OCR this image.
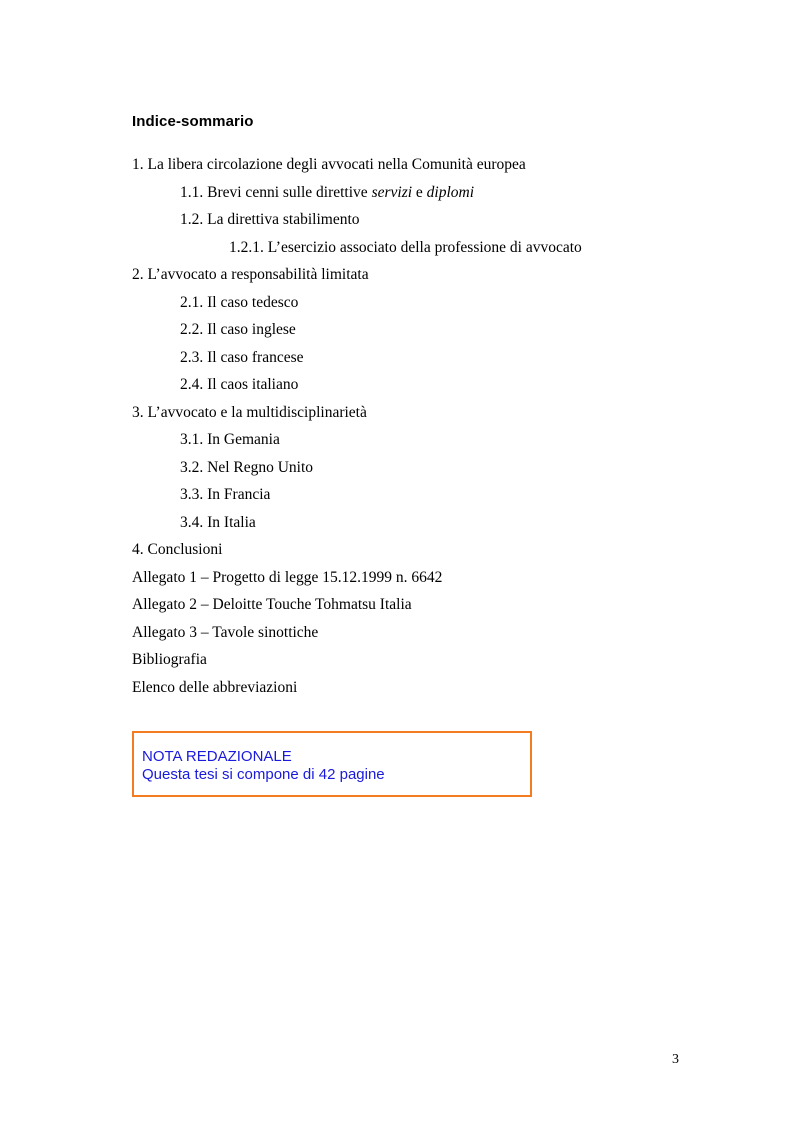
Indice-sommario
1. La libera circolazione degli avvocati nella Comunità europea
1.1. Brevi cenni sulle direttive servizi e diplomi
1.2. La direttiva stabilimento
1.2.1. L’esercizio associato della professione di avvocato
2. L’avvocato a responsabilità limitata
2.1. Il caso tedesco
2.2. Il caso inglese
2.3. Il caso francese
2.4. Il caos italiano
3. L’avvocato e la multidisciplinarietà
3.1. In Gemania
3.2. Nel Regno Unito
3.3. In Francia
3.4. In Italia
4. Conclusioni
Allegato 1 – Progetto di legge 15.12.1999 n. 6642
Allegato 2 – Deloitte Touche Tohmatsu Italia
Allegato 3 – Tavole sinottiche
Bibliografia
Elenco delle abbreviazioni
NOTA REDAZIONALE
Questa tesi si compone di 42 pagine
3
